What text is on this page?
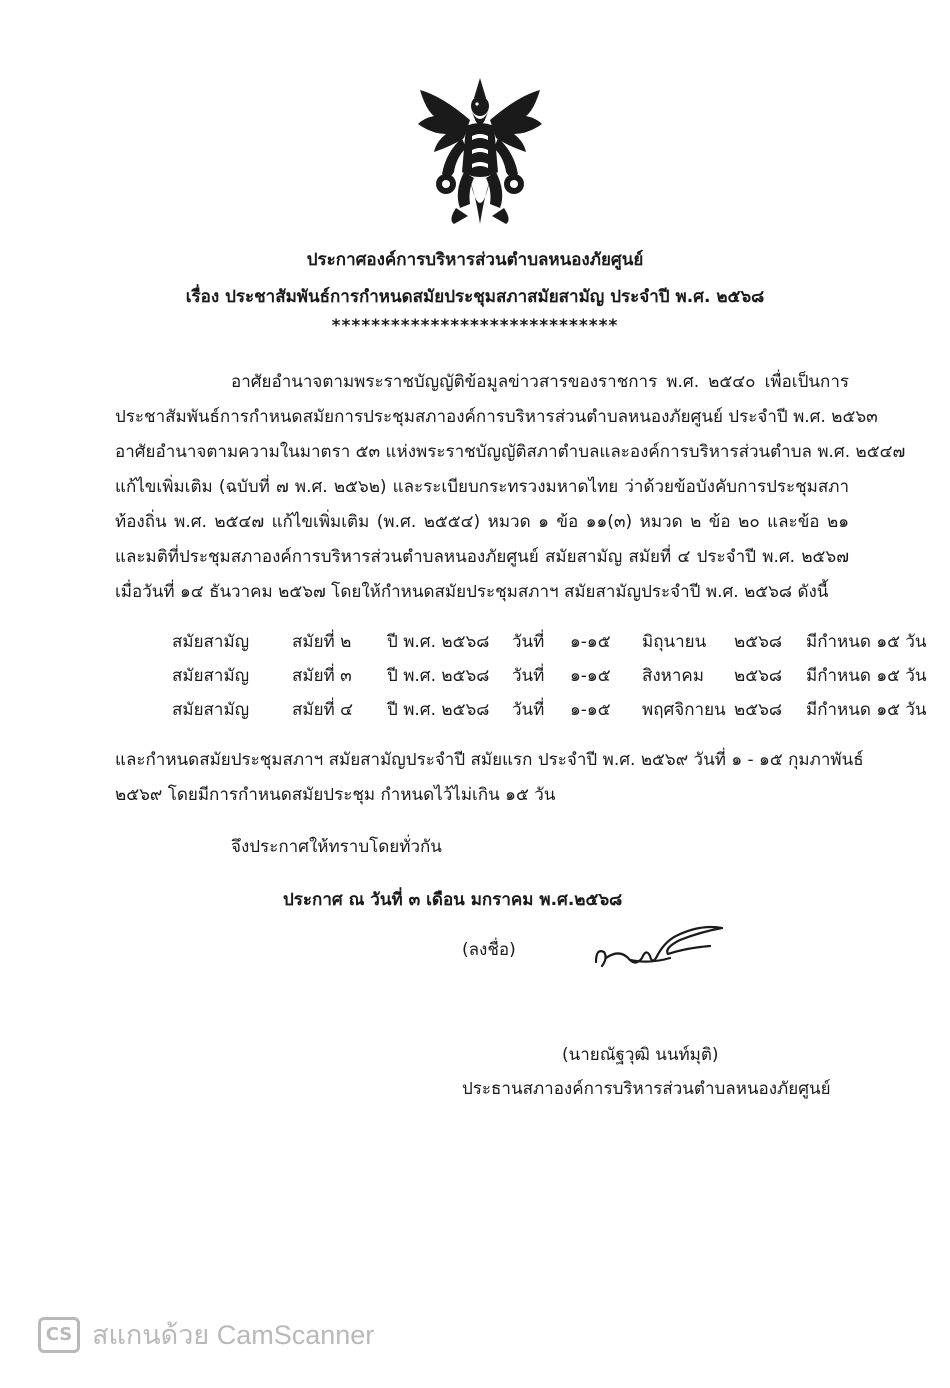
ประกาศองค์การบริหารส่วนตำบลหนองภัยศูนย์
เรื่อง ประชาสัมพันธ์การกำหนดสมัยประชุมสภาสมัยสามัญ ประจำปี พ.ศ. ๒๕๖๘
*****************************
อาศัยอำนาจตามพระราชบัญญัติข้อมูลข่าวสารของราชการ พ.ศ. ๒๕๔๐ เพื่อเป็นการ
ประชาสัมพันธ์การกำหนดสมัยการประชุมสภาองค์การบริหารส่วนตำบลหนองภัยศูนย์ ประจำปี พ.ศ. ๒๕๖๓
อาศัยอำนาจตามความในมาตรา ๕๓ แห่งพระราชบัญญัติสภาตำบลและองค์การบริหารส่วนตำบล พ.ศ. ๒๕๔๗
แก้ไขเพิ่มเติม (ฉบับที่ ๗ พ.ศ. ๒๕๖๒) และระเบียบกระทรวงมหาดไทย ว่าด้วยข้อบังคับการประชุมสภา
ท้องถิ่น พ.ศ. ๒๕๔๗ แก้ไขเพิ่มเติม (พ.ศ. ๒๕๕๔) หมวด ๑ ข้อ ๑๑(๓) หมวด ๒ ข้อ ๒๐ และข้อ ๒๑
และมติที่ประชุมสภาองค์การบริหารส่วนตำบลหนองภัยศูนย์ สมัยสามัญ สมัยที่ ๔ ประจำปี พ.ศ. ๒๕๖๗
เมื่อวันที่ ๑๔ ธันวาคม ๒๕๖๗ โดยให้กำหนดสมัยประชุมสภาฯ สมัยสามัญประจำปี พ.ศ. ๒๕๖๘ ดังนี้
สมัยสามัญ	สมัยที่ ๒	ปี พ.ศ. ๒๕๖๘	วันที่	๑-๑๕	มิถุนายน	๒๕๖๘	มีกำหนด ๑๕ วัน
สมัยสามัญ	สมัยที่ ๓	ปี พ.ศ. ๒๕๖๘	วันที่	๑-๑๕	สิงหาคม	๒๕๖๘	มีกำหนด ๑๕ วัน
สมัยสามัญ	สมัยที่ ๔	ปี พ.ศ. ๒๕๖๘	วันที่	๑-๑๕	พฤศจิกายน ๒๕๖๘	มีกำหนด ๑๕ วัน
และกำหนดสมัยประชุมสภาฯ สมัยสามัญประจำปี สมัยแรก ประจำปี พ.ศ. ๒๕๖๙ วันที่ ๑ - ๑๕ กุมภาพันธ์
๒๕๖๙ โดยมีการกำหนดสมัยประชุม กำหนดไว้ไม่เกิน ๑๕ วัน
จึงประกาศให้ทราบโดยทั่วกัน
ประกาศ ณ วันที่ ๓ เดือน มกราคม พ.ศ.๒๕๖๘
(ลงชื่อ)
(นายณัฐวุฒิ นนท์มุติ)
ประธานสภาองค์การบริหารส่วนตำบลหนองภัยศูนย์
CS สแกนด้วย CamScanner
